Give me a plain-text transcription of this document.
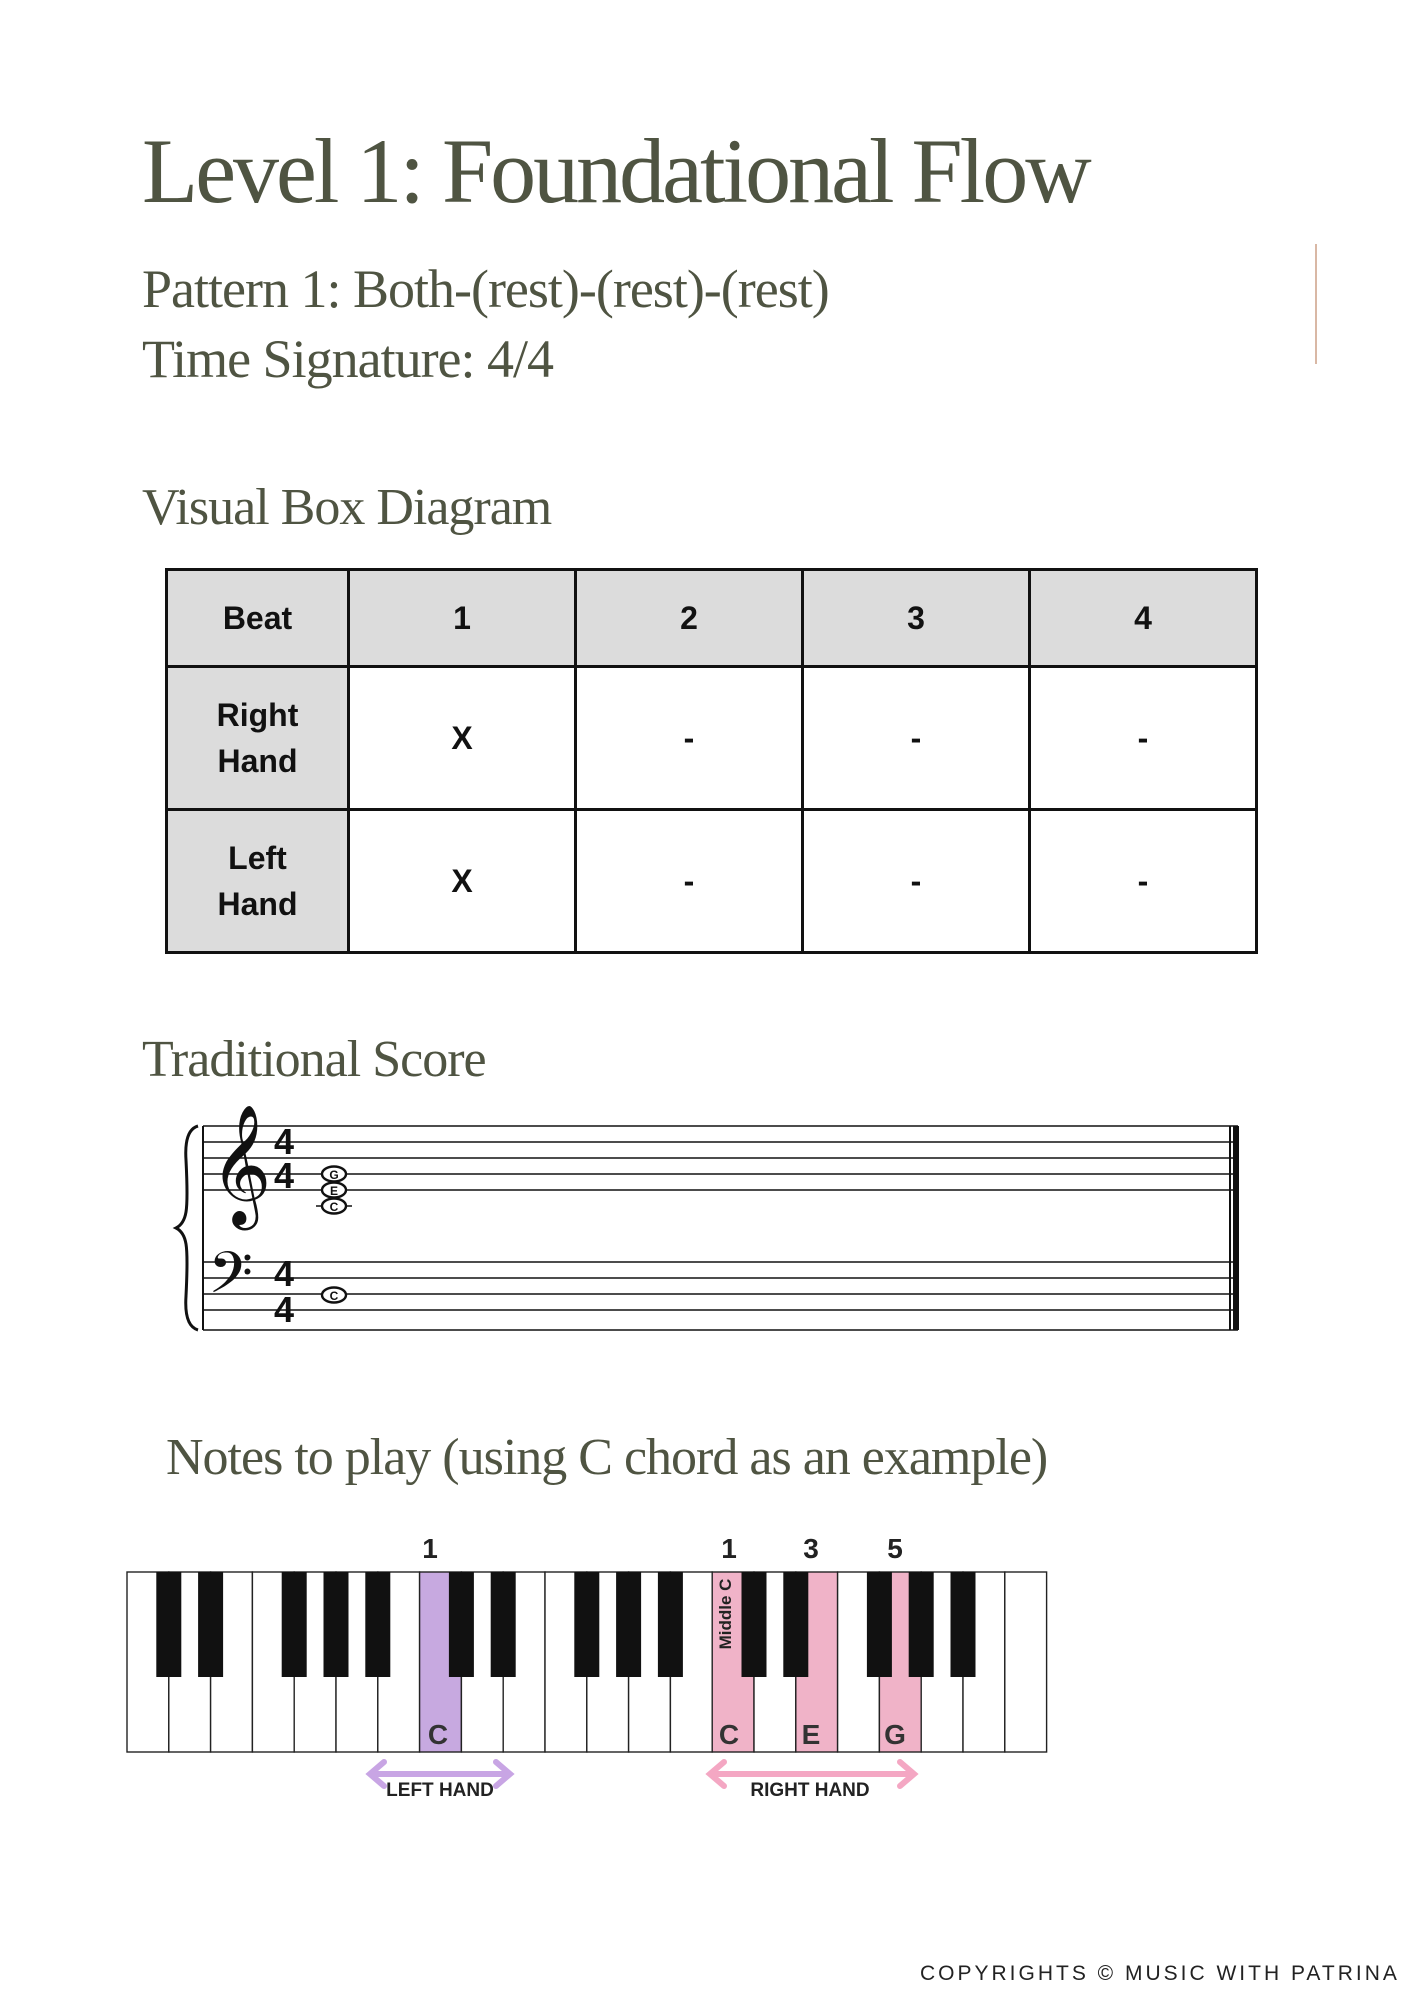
Level 1: Foundational Flow
Pattern 1: Both-(rest)-(rest)-(rest)
Time Signature: 4/4
Visual Box Diagram
Beat	1	2	3	4
Right
Hand	X	-	-	-
Left
Hand	X	-	-	-
Traditional Score
𝄞
𝄢
4
4
4
4
G
E
C
C
Notes to play (using C chord as an example)
1	1 3 5
C	C E G
Middle C
LEFT HAND	RIGHT HAND
COPYRIGHTS © MUSIC WITH PATRINA
